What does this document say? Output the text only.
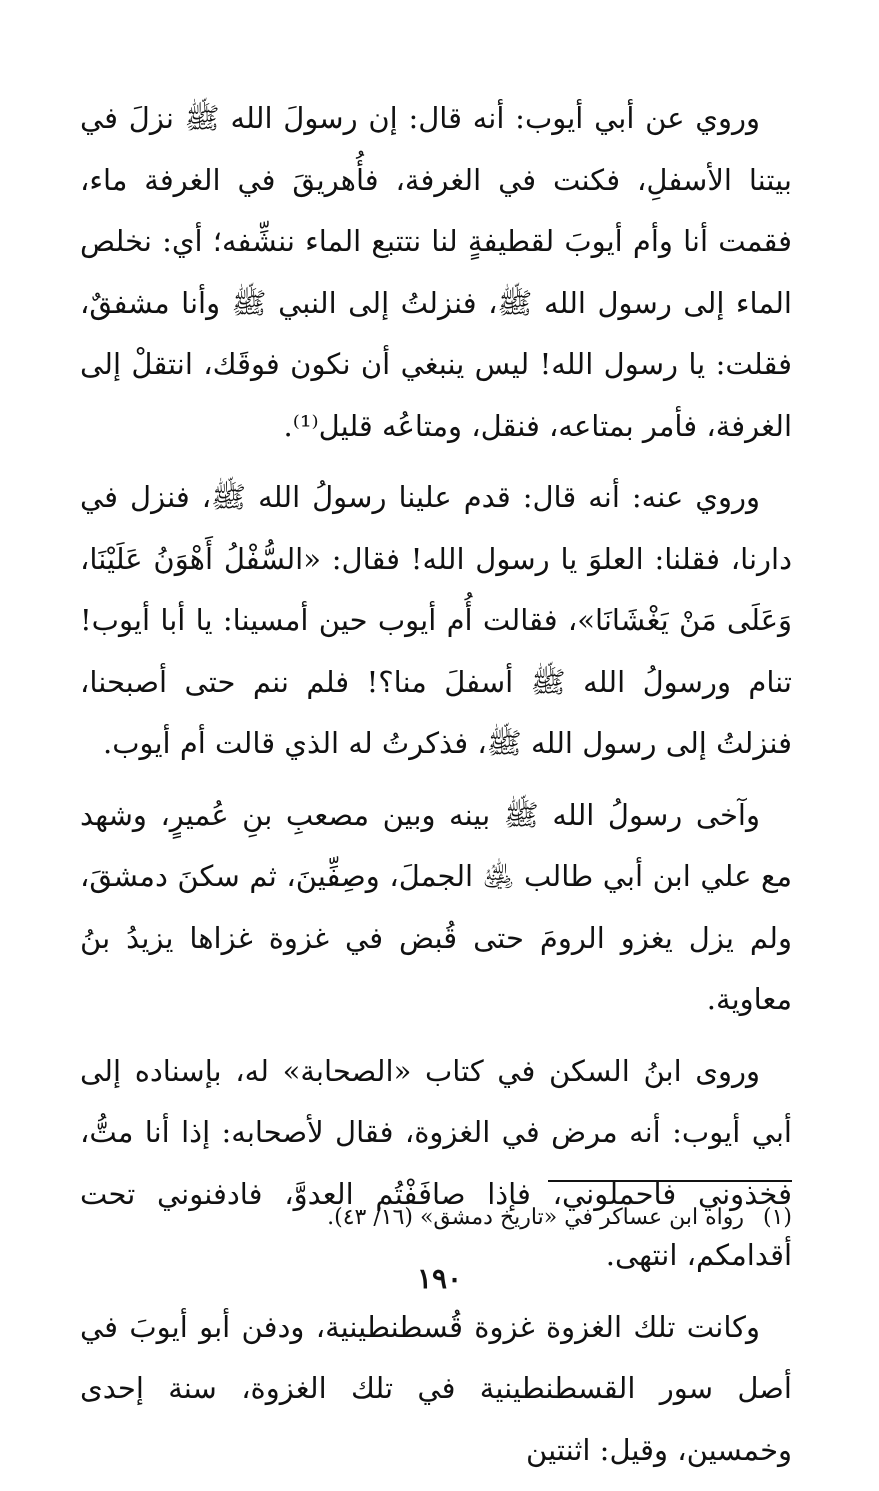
وروي عن أبي أيوب: أنه قال: إن رسولَ الله ﷺ نزلَ في بيتنا الأسفلِ، فكنت في الغرفة، فأُهريقَ في الغرفة ماء، فقمت أنا وأم أيوبَ لقطيفةٍ لنا نتتبع الماء ننشِّفه؛ أي: نخلص الماء إلى رسول الله ﷺ، فنزلتُ إلى النبي ﷺ وأنا مشفقٌ، فقلت: يا رسول الله! ليس ينبغي أن نكون فوقَك، انتقلْ إلى الغرفة، فأمر بمتاعه، فنقل، ومتاعُه قليل⁽¹⁾.

وروي عنه: أنه قال: قدم علينا رسولُ الله ﷺ، فنزل في دارنا، فقلنا: العلوَ يا رسول الله! فقال: «السُّفْلُ أَهْوَنُ عَلَيْنَا، وَعَلَى مَنْ يَغْشَانَا»، فقالت أُم أيوب حين أمسينا: يا أبا أيوب! تنام ورسولُ الله ﷺ أسفلَ منا؟! فلم ننم حتى أصبحنا، فنزلتُ إلى رسول الله ﷺ، فذكرتُ له الذي قالت أم أيوب.

وآخى رسولُ الله ﷺ بينه وبين مصعبِ بنِ عُميرٍ، وشهد مع علي ابن أبي طالب ﵁ الجملَ، وصِفِّينَ، ثم سكنَ دمشقَ، ولم يزل يغزو الرومَ حتى قُبض في غزوة غزاها يزيدُ بنُ معاوية.

وروى ابنُ السكن في كتاب «الصحابة» له، بإسناده إلى أبي أيوب: أنه مرض في الغزوة، فقال لأصحابه: إذا أنا متُّ، فخذوني فاحملوني، فإذا صافَفْتُم العدوَّ، فادفنوني تحت أقدامكم، انتهى.

وكانت تلك الغزوة غزوة قُسطنطينية، ودفن أبو أيوبَ في أصل سور القسطنطينية في تلك الغزوة، سنة إحدى وخمسين، وقيل: اثنتين

(١) رواه ابن عساكر في «تاريخ دمشق» (١٦/ ٤٣).
١٩٠
